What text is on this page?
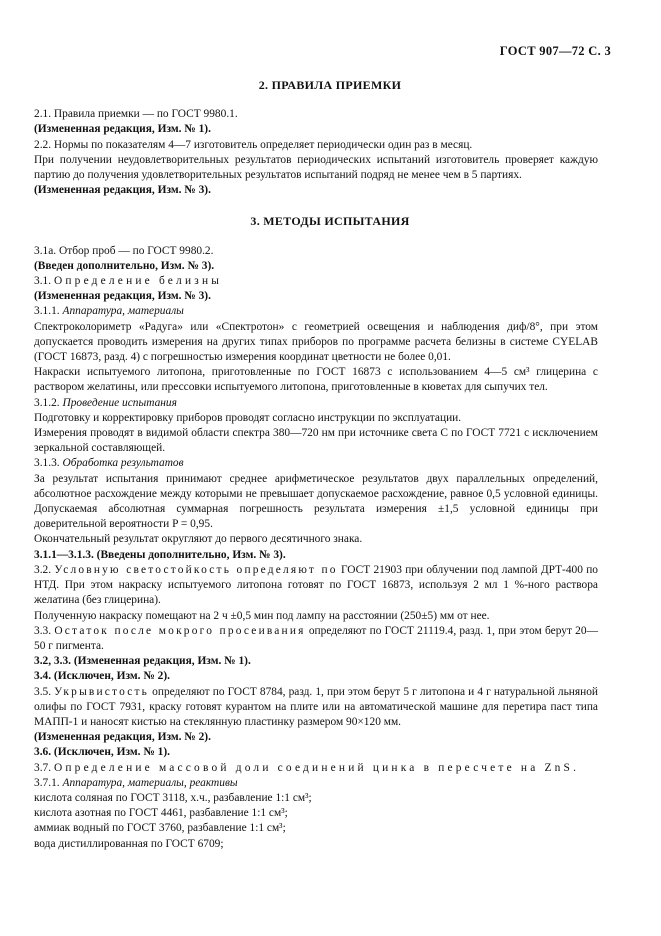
ГОСТ 907—72 С. 3
2. ПРАВИЛА ПРИЕМКИ

2.1. Правила приемки — по ГОСТ 9980.1.

(Измененная редакция, Изм. № 1).

2.2. Нормы по показателям 4—7 изготовитель определяет периодически один раз в месяц.

При получении неудовлетворительных результатов периодических испытаний изготовитель проверяет каждую партию до получения удовлетворительных результатов испытаний подряд не менее чем в 5 партиях.

(Измененная редакция, Изм. № 3).

3. МЕТОДЫ ИСПЫТАНИЯ

3.1а. Отбор проб — по ГОСТ 9980.2.

(Введен дополнительно, Изм. № 3).

3.1. Определение белизны

(Измененная редакция, Изм. № 3).

3.1.1. Аппаратура, материалы

Спектроколориметр «Радуга» или «Спектротон» с геометрией освещения и наблюдения диф/8°, при этом допускается проводить измерения на других типах приборов по программе расчета белизны в системе CYELAB (ГОСТ 16873, разд. 4) с погрешностью измерения координат цветности не более 0,01.

Накраски испытуемого литопона, приготовленные по ГОСТ 16873 с использованием 4—5 см³ глицерина с раствором желатины, или прессовки испытуемого литопона, приготовленные в кюветах для сыпучих тел.

3.1.2. Проведение испытания

Подготовку и корректировку приборов проводят согласно инструкции по эксплуатации.

Измерения проводят в видимой области спектра 380—720 нм при источнике света С по ГОСТ 7721 с исключением зеркальной составляющей.

3.1.3. Обработка результатов

За результат испытания принимают среднее арифметическое результатов двух параллельных определений, абсолютное расхождение между которыми не превышает допускаемое расхождение, равное 0,5 условной единицы. Допускаемая абсолютная суммарная погрешность результата измерения ±1,5 условной единицы при доверительной вероятности P = 0,95.

Окончательный результат округляют до первого десятичного знака.

3.1.1—3.1.3. (Введены дополнительно, Изм. № 3).

3.2. Условную светостойкость определяют по ГОСТ 21903 при облучении под лампой ДРТ-400 по НТД. При этом накраску испытуемого литопона готовят по ГОСТ 16873, используя 2 мл 1 %-ного раствора желатина (без глицерина).

Полученную накраску помещают на 2 ч ±0,5 мин под лампу на расстоянии (250±5) мм от нее.

3.3. Остаток после мокрого просеивания определяют по ГОСТ 21119.4, разд. 1, при этом берут 20—50 г пигмента.

3.2, 3.3. (Измененная редакция, Изм. № 1).

3.4. (Исключен, Изм. № 2).

3.5. Укрывистость определяют по ГОСТ 8784, разд. 1, при этом берут 5 г литопона и 4 г натуральной льняной олифы по ГОСТ 7931, краску готовят курантом на плите или на автоматической машине для перетира паст типа МАПП-1 и наносят кистью на стеклянную пластинку размером 90×120 мм.

(Измененная редакция, Изм. № 2).

3.6. (Исключен, Изм. № 1).

3.7. Определение массовой доли соединений цинка в пересчете на ZnS.

3.7.1. Аппаратура, материалы, реактивы

кислота соляная по ГОСТ 3118, х.ч., разбавление 1:1 см³;

кислота азотная по ГОСТ 4461, разбавление 1:1 см³;

аммиак водный по ГОСТ 3760, разбавление 1:1 см³;

вода дистиллированная по ГОСТ 6709;
